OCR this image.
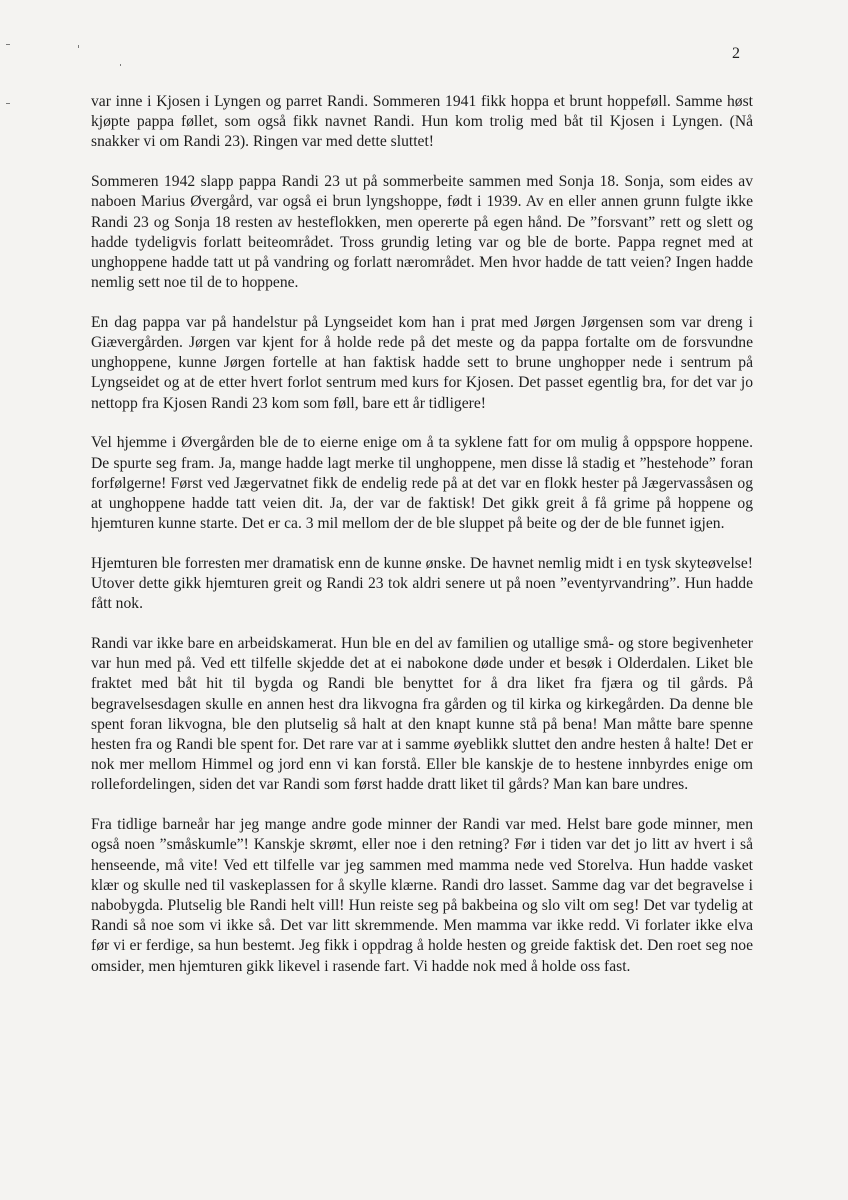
2

var inne i Kjosen i Lyngen og parret Randi. Sommeren 1941 fikk hoppa et brunt hoppeføll. Samme høst kjøpte pappa føllet, som også fikk navnet Randi. Hun kom trolig med båt til Kjosen i Lyngen. (Nå snakker vi om Randi 23). Ringen var med dette sluttet!

Sommeren 1942 slapp pappa Randi 23 ut på sommerbeite sammen med Sonja 18. Sonja, som eides av naboen Marius Øvergård, var også ei brun lyngshoppe, født i 1939. Av en eller annen grunn fulgte ikke Randi 23 og Sonja 18 resten av hesteflokken, men opererte på egen hånd. De ”forsvant” rett og slett og hadde tydeligvis forlatt beiteområdet. Tross grundig leting var og ble de borte. Pappa regnet med at unghoppene hadde tatt ut på vandring og forlatt nærområdet. Men hvor hadde de tatt veien? Ingen hadde nemlig sett noe til de to hoppene.

En dag pappa var på handelstur på Lyngseidet kom han i prat med Jørgen Jørgensen som var dreng i Giævergården. Jørgen var kjent for å holde rede på det meste og da pappa fortalte om de forsvundne unghoppene, kunne Jørgen fortelle at han faktisk hadde sett to brune unghopper nede i sentrum på Lyngseidet og at de etter hvert forlot sentrum med kurs for Kjosen. Det passet egentlig bra, for det var jo nettopp fra Kjosen Randi 23 kom som føll, bare ett år tidligere!

Vel hjemme i Øvergården ble de to eierne enige om å ta syklene fatt for om mulig å oppspore hoppene. De spurte seg fram. Ja, mange hadde lagt merke til unghoppene, men disse lå stadig et ”hestehode” foran forfølgerne! Først ved Jægervatnet fikk de endelig rede på at det var en flokk hester på Jægervassåsen og at unghoppene hadde tatt veien dit. Ja, der var de faktisk! Det gikk greit å få grime på hoppene og hjemturen kunne starte. Det er ca. 3 mil mellom der de ble sluppet på beite og der de ble funnet igjen.

Hjemturen ble forresten mer dramatisk enn de kunne ønske. De havnet nemlig midt i en tysk skyteøvelse! Utover dette gikk hjemturen greit og Randi 23 tok aldri senere ut på noen ”eventyrvandring”. Hun hadde fått nok.

Randi var ikke bare en arbeidskamerat. Hun ble en del av familien og utallige små- og store begivenheter var hun med på. Ved ett tilfelle skjedde det at ei nabokone døde under et besøk i Olderdalen. Liket ble fraktet med båt hit til bygda og Randi ble benyttet for å dra liket fra fjæra og til gårds. På begravelsesdagen skulle en annen hest dra likvogna fra gården og til kirka og kirkegården. Da denne ble spent foran likvogna, ble den plutselig så halt at den knapt kunne stå på bena! Man måtte bare spenne hesten fra og Randi ble spent for. Det rare var at i samme øyeblikk sluttet den andre hesten å halte! Det er nok mer mellom Himmel og jord enn vi kan forstå. Eller ble kanskje de to hestene innbyrdes enige om rollefordelingen, siden det var Randi som først hadde dratt liket til gårds? Man kan bare undres.

Fra tidlige barneår har jeg mange andre gode minner der Randi var med. Helst bare gode minner, men også noen ”småskumle”! Kanskje skrømt, eller noe i den retning? Før i tiden var det jo litt av hvert i så henseende, må vite! Ved ett tilfelle var jeg sammen med mamma nede ved Storelva. Hun hadde vasket klær og skulle ned til vaskeplassen for å skylle klærne. Randi dro lasset. Samme dag var det begravelse i nabobygda. Plutselig ble Randi helt vill! Hun reiste seg på bakbeina og slo vilt om seg! Det var tydelig at Randi så noe som vi ikke så. Det var litt skremmende. Men mamma var ikke redd. Vi forlater ikke elva før vi er ferdige, sa hun bestemt. Jeg fikk i oppdrag å holde hesten og greide faktisk det. Den roet seg noe omsider, men hjemturen gikk likevel i rasende fart. Vi hadde nok med å holde oss fast.
